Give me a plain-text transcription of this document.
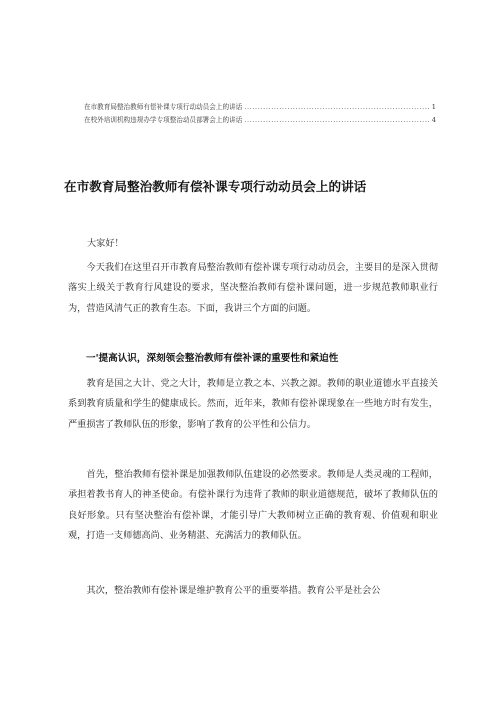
在市教育局整治教师有偿补课专项行动动员会上的讲话 .....	1
在校外培训机构违规办学专项整治动员部署会上的讲话 .....	4
在市教育局整治教师有偿补课专项行动动员会上的讲话

大家好！

今天我们在这里召开市教育局整治教师有偿补课专项行动动员会，主要目的是深入贯彻落实上级关于教育行风建设的要求，坚决整治教师有偿补课问题，进一步规范教师职业行为，营造风清气正的教育生态。下面，我讲三个方面的问题。

一'提高认识，深刻领会整治教师有偿补课的重要性和紧迫性

教育是国之大计、党之大计，教师是立教之本、兴教之源。教师的职业道德水平直接关系到教育质量和学生的健康成长。然而，近年来，教师有偿补课现象在一些地方时有发生，严重损害了教师队伍的形象，影响了教育的公平性和公信力。

首先，整治教师有偿补课是加强教师队伍建设的必然要求。教师是人类灵魂的工程师，承担着教书育人的神圣使命。有偿补课行为违背了教师的职业道德规范，破坏了教师队伍的良好形象。只有坚决整治有偿补课，才能引导广大教师树立正确的教育观、价值观和职业观，打造一支师德高尚、业务精湛、充满活力的教师队伍。

其次，整治教师有偿补课是维护教育公平的重要举措。教育公平是社会公
